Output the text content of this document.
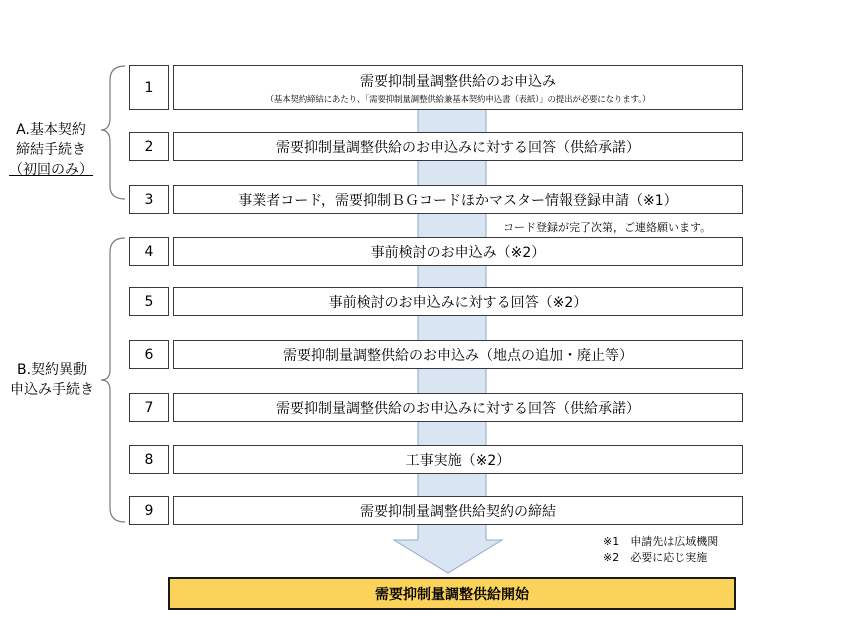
A.基本契約
締結手続き
（初回のみ）
B.契約異動
申込み手続き
1	需要抑制量調整供給のお申込み
（基本契約締結にあたり、「需要抑制量調整供給兼基本契約申込書（表紙）」の提出が必要になります。）
2	需要抑制量調整供給のお申込みに対する回答（供給承諾）
3	事業者コード，需要抑制ＢＧコードほかマスター情報登録申請（※1）
コード登録が完了次第，ご連絡願います。
4	事前検討のお申込み（※2）
5	事前検討のお申込みに対する回答（※2）
6	需要抑制量調整供給のお申込み（地点の追加・廃止等）
7	需要抑制量調整供給のお申込みに対する回答（供給承諾）
8	工事実施（※2）
9	需要抑制量調整供給契約の締結
※1　申請先は広域機関
※2　必要に応じ実施
需要抑制量調整供給開始
